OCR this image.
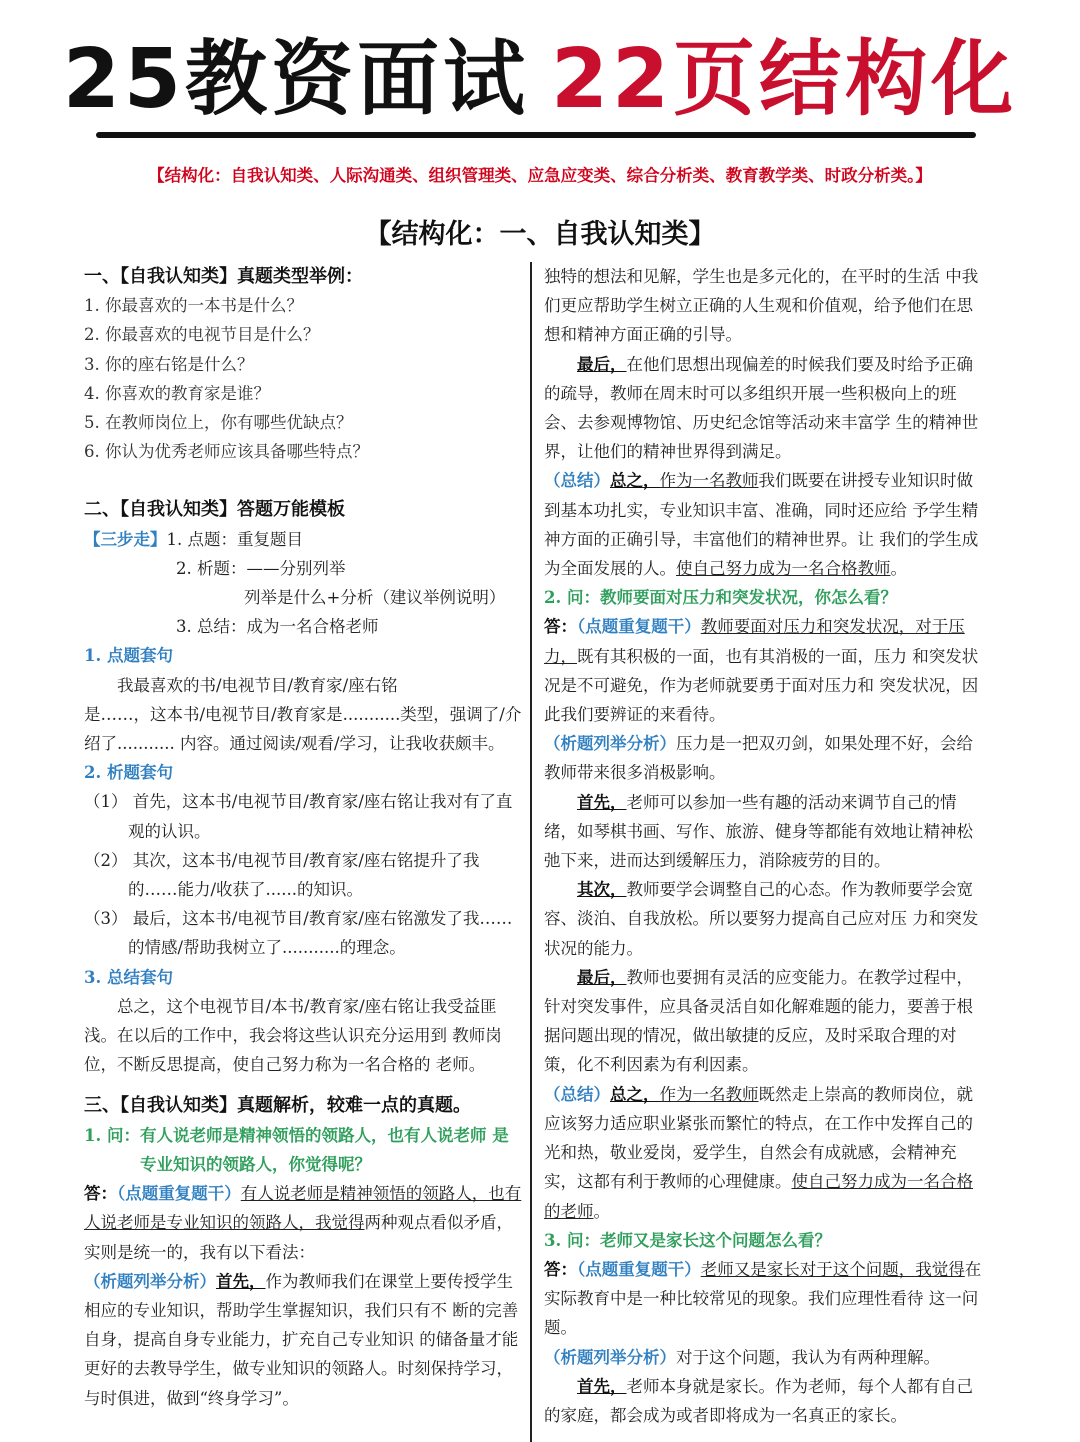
25教资面试 22页结构化
【结构化：自我认知类、人际沟通类、组织管理类、应急应变类、综合分析类、教育教学类、时政分析类。】
【结构化：一、自我认知类】
一、【自我认知类】真题类型举例：
1. 你最喜欢的一本书是什么？
2. 你最喜欢的电视节目是什么？
3. 你的座右铭是什么？
4. 你喜欢的教育家是谁？
5. 在教师岗位上，你有哪些优缺点？
6. 你认为优秀老师应该具备哪些特点？
二、【自我认知类】答题万能模板
【三步走】1. 点题：重复题目
2. 析题：——分别列举
列举是什么+分析（建议举例说明）
3. 总结：成为一名合格老师
1. 点题套句
我最喜欢的书/电视节目/教育家/座右铭
是……，这本书/电视节目/教育家是...........类型，强调了/介绍了........... 内容。通过阅读/观看/学习，让我收获颇丰。
2. 析题套句
（1） 首先，这本书/电视节目/教育家/座右铭让我对有了直观的认识。
（2） 其次，这本书/电视节目/教育家/座右铭提升了我的……能力/收获了......的知识。
（3） 最后，这本书/电视节目/教育家/座右铭激发了我……的情感/帮助我树立了...........的理念。
3. 总结套句
总之，这个电视节目/本书/教育家/座右铭让我受益匪浅。在以后的工作中，我会将这些认识充分运用到 教师岗位，不断反思提高，使自己努力称为一名合格的 老师。
三、【自我认知类】真题解析，较难一点的真题。
1. 问：有人说老师是精神领悟的领路人，也有人说老师 是专业知识的领路人，你觉得呢？
答：（点题重复题干）有人说老师是精神领悟的领路人，也有人说老师是专业知识的领路人，我觉得两种观点看似矛盾，实则是统一的，我有以下看法：
（析题列举分析）首先，作为教师我们在课堂上要传授学生相应的专业知识，帮助学生掌握知识，我们只有不 断的完善自身，提高自身专业能力，扩充自己专业知识 的储备量才能更好的去教导学生，做专业知识的领路人。时刻保持学习，与时俱进，做到“终身学习”。
独特的想法和见解，学生也是多元化的，在平时的生活 中我们更应帮助学生树立正确的人生观和价值观，给予他们在思想和精神方面正确的引导。
最后，在他们思想出现偏差的时候我们要及时给予正确的疏导，教师在周末时可以多组织开展一些积极向上的班会、去参观博物馆、历史纪念馆等活动来丰富学 生的精神世界，让他们的精神世界得到满足。
（总结）总之，作为一名教师我们既要在讲授专业知识时做到基本功扎实，专业知识丰富、准确，同时还应给 予学生精神方面的正确引导，丰富他们的精神世界。让 我们的学生成为全面发展的人。使自己努力成为一名合格教师。
2. 问：教师要面对压力和突发状况，你怎么看？
答：（点题重复题干）教师要面对压力和突发状况，对于压力，既有其积极的一面，也有其消极的一面，压力 和突发状况是不可避免，作为老师就要勇于面对压力和 突发状况，因此我们要辨证的来看待。
（析题列举分析）压力是一把双刃剑，如果处理不好，会给教师带来很多消极影响。
首先，老师可以参加一些有趣的活动来调节自己的情绪，如琴棋书画、写作、旅游、健身等都能有效地让精神松弛下来，进而达到缓解压力，消除疲劳的目的。
其次，教师要学会调整自己的心态。作为教师要学会宽容、淡泊、自我放松。所以要努力提高自己应对压 力和突发状况的能力。
最后，教师也要拥有灵活的应变能力。在教学过程中，针对突发事件，应具备灵活自如化解难题的能力，要善于根据问题出现的情况，做出敏捷的反应，及时采取合理的对策，化不利因素为有利因素。
（总结）总之，作为一名教师既然走上崇高的教师岗位，就应该努力适应职业紧张而繁忙的特点，在工作中发挥自己的光和热，敬业爱岗，爱学生，自然会有成就感，会精神充实，这都有利于教师的心理健康。使自己努力成为一名合格的老师。
3. 问：老师又是家长这个问题怎么看？
答：（点题重复题干）老师又是家长对于这个问题，我觉得在实际教育中是一种比较常见的现象。我们应理性看待 这一问题。
（析题列举分析）对于这个问题，我认为有两种理解。
首先，老师本身就是家长。作为老师，每个人都有自己的家庭，都会成为或者即将成为一名真正的家长。
